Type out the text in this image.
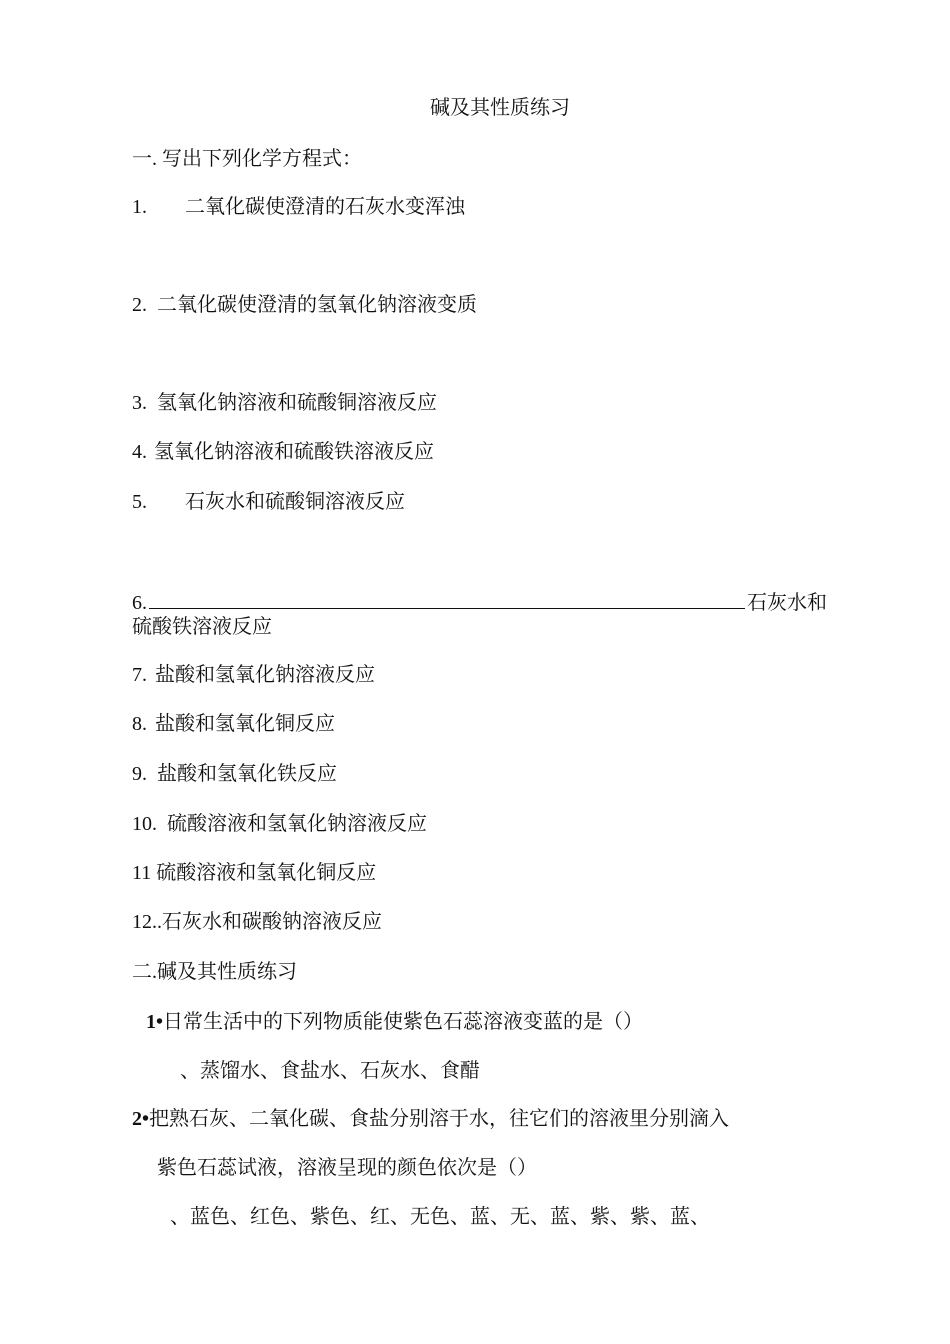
碱及其性质练习
一. 写出下列化学方程式：
1. 二氧化碳使澄清的石灰水变浑浊
2. 二氧化碳使澄清的氢氧化钠溶液变质
3. 氢氧化钠溶液和硫酸铜溶液反应
4. 氢氧化钠溶液和硫酸铁溶液反应
5. 石灰水和硫酸铜溶液反应
6.	石灰水和
硫酸铁溶液反应
7. 盐酸和氢氧化钠溶液反应
8. 盐酸和氢氧化铜反应
9. 盐酸和氢氧化铁反应
10. 硫酸溶液和氢氧化钠溶液反应
11 硫酸溶液和氢氧化铜反应
12..石灰水和碳酸钠溶液反应
二.碱及其性质练习
1•日常生活中的下列物质能使紫色石蕊溶液变蓝的是（）
、蒸馏水、食盐水、石灰水、食醋
2•把熟石灰、二氧化碳、食盐分别溶于水，往它们的溶液里分别滴入
紫色石蕊试液，溶液呈现的颜色依次是（）
、蓝色、红色、紫色、红、无色、蓝、无、蓝、紫、紫、蓝、
